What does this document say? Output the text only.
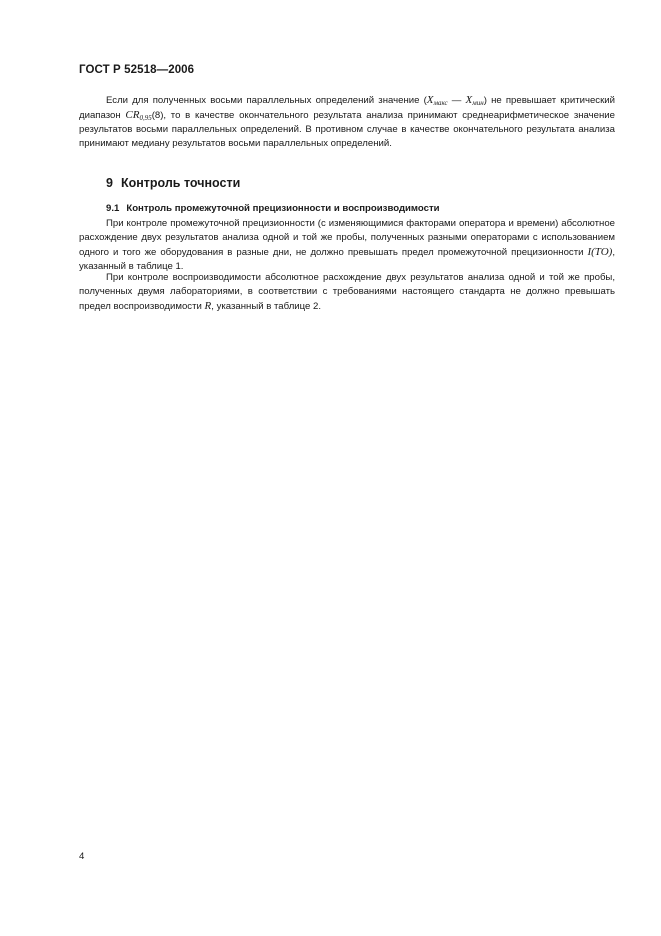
ГОСТ Р 52518—2006

Если для полученных восьми параллельных определений значение ($X_{макс}$ — $X_{мин}$) не превышает критический диапазон $CR_{0,95}(8)$, то в качестве окончательного результата анализа принимают среднеарифметическое значение результатов восьми параллельных определений. В противном случае в качестве окончательного результата анализа принимают медиану результатов восьми параллельных определений.

9 Контроль точности
9.1 Контроль промежуточной прецизионности и воспроизводимости

При контроле промежуточной прецизионности (с изменяющимися факторами оператора и времени) абсолютное расхождение двух результатов анализа одной и той же пробы, полученных разными операторами с использованием одного и того же оборудования в разные дни, не должно превышать предел промежуточной прецизионности I(TO), указанный в таблице 1.

При контроле воспроизводимости абсолютное расхождение двух результатов анализа одной и той же пробы, полученных двумя лабораториями, в соответствии с требованиями настоящего стандарта не должно превышать предел воспроизводимости R, указанный в таблице 2.

4
